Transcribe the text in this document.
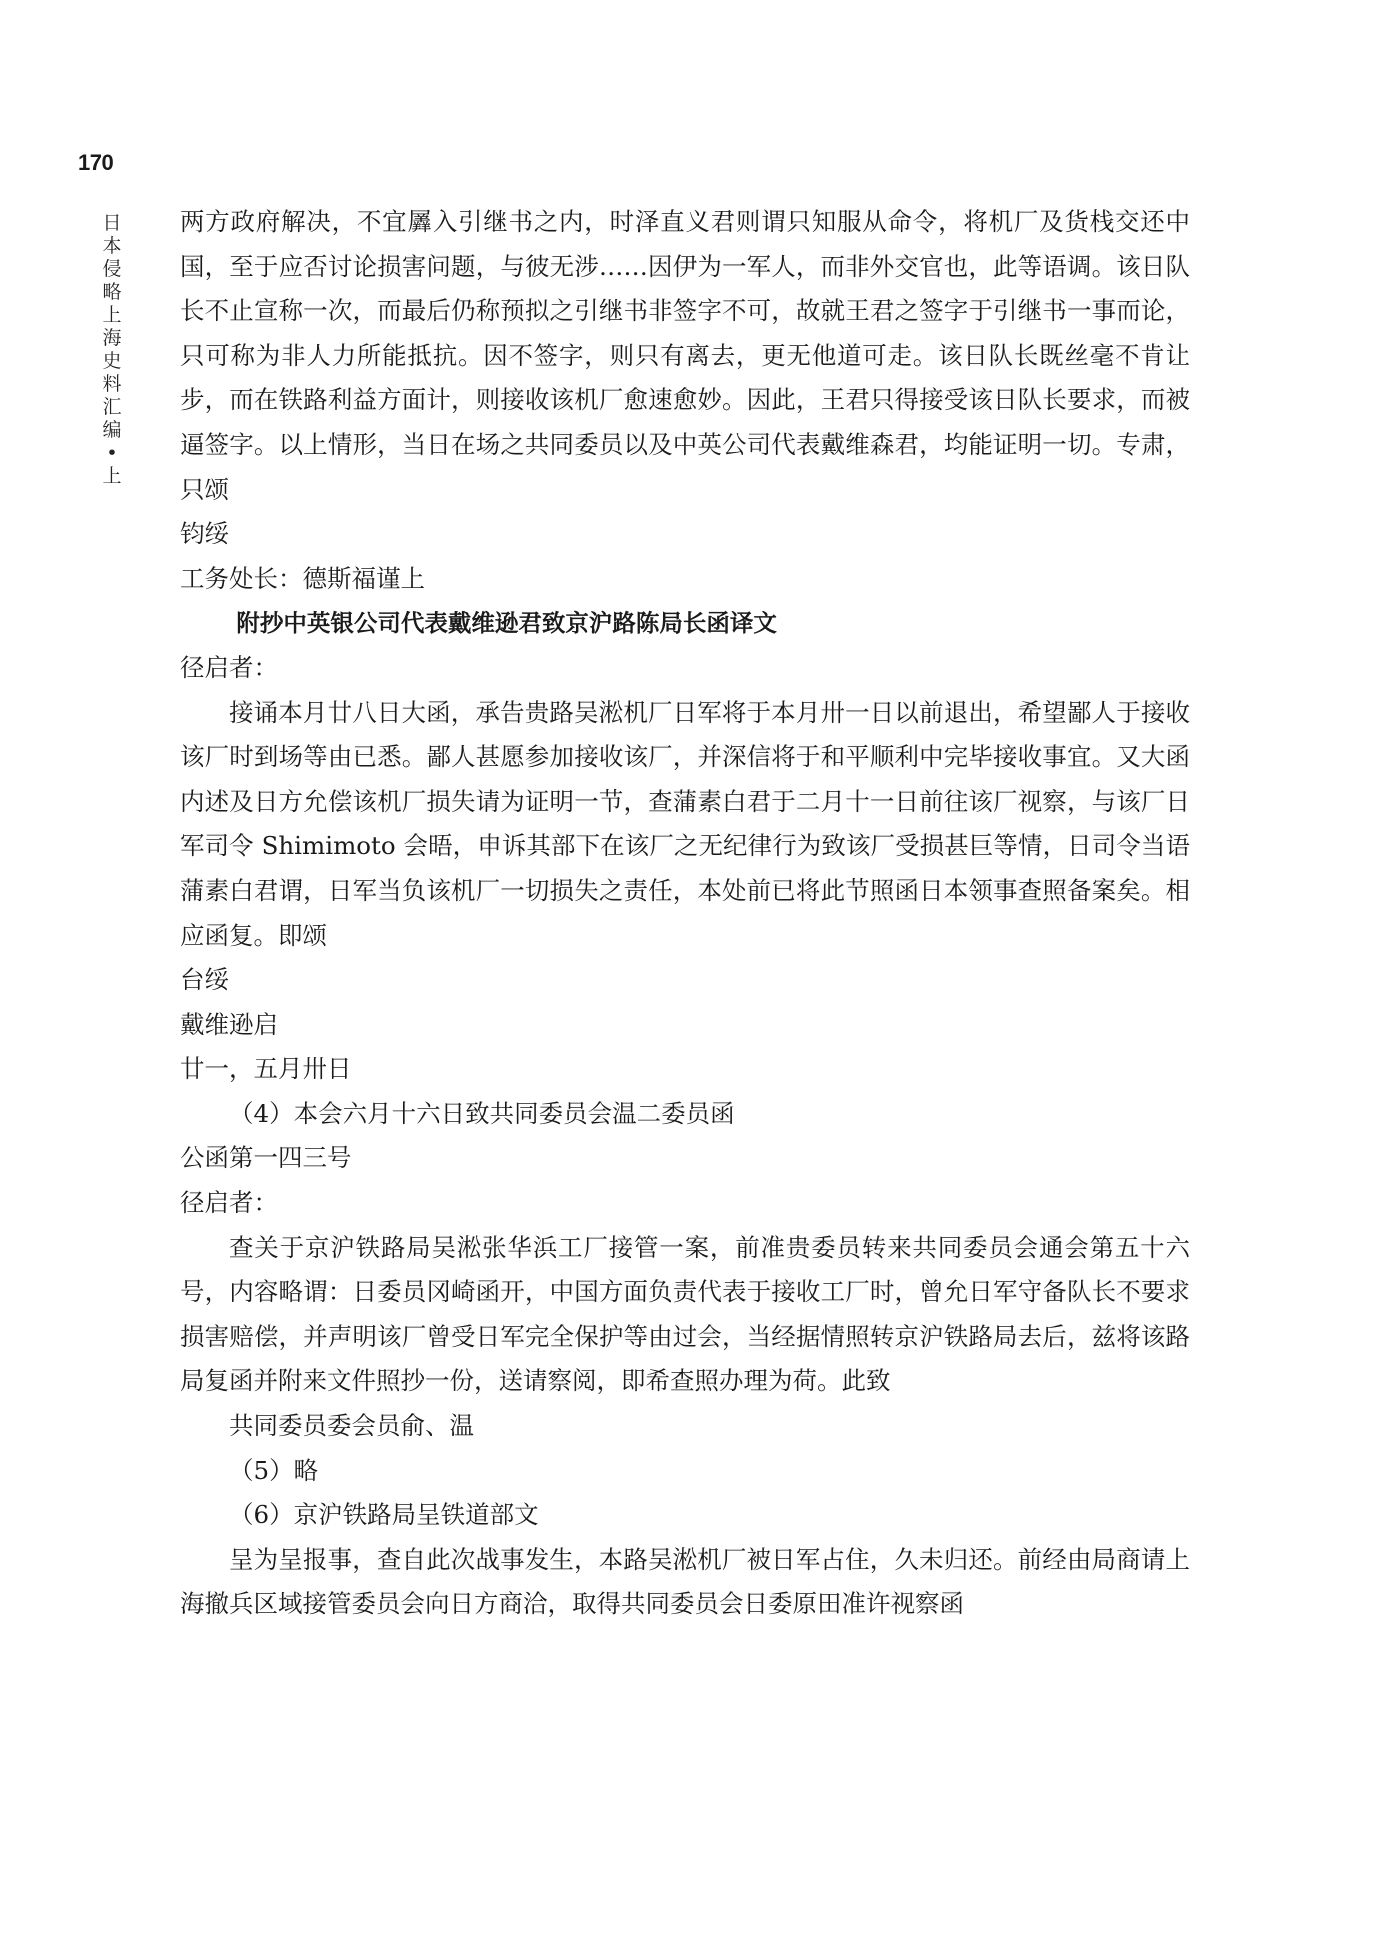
170
日
本
侵
略
上
海
史
料
汇
编
•
上

两方政府解决，不宜羼入引继书之内，时泽直义君则谓只知服从命令，将机厂及货栈交还中国，至于应否讨论损害问题，与彼无涉……因伊为一军人，而非外交官也，此等语调。该日队长不止宣称一次，而最后仍称预拟之引继书非签字不可，故就王君之签字于引继书一事而论，只可称为非人力所能抵抗。因不签字，则只有离去，更无他道可走。该日队长既丝毫不肯让步，而在铁路利益方面计，则接收该机厂愈速愈妙。因此，王君只得接受该日队长要求，而被逼签字。以上情形，当日在场之共同委员以及中英公司代表戴维森君，均能证明一切。专肃，只颂

钧绥

工务处长：德斯福谨上

附抄中英银公司代表戴维逊君致京沪路陈局长函译文

径启者：

接诵本月廿八日大函，承告贵路吴淞机厂日军将于本月卅一日以前退出，希望鄙人于接收该厂时到场等由已悉。鄙人甚愿参加接收该厂，并深信将于和平顺利中完毕接收事宜。又大函内述及日方允偿该机厂损失请为证明一节，查蒲素白君于二月十一日前往该厂视察，与该厂日军司令 Shimimoto 会晤，申诉其部下在该厂之无纪律行为致该厂受损甚巨等情，日司令当语蒲素白君谓，日军当负该机厂一切损失之责任，本处前已将此节照函日本领事查照备案矣。相应函复。即颂

台绥

戴维逊启

廿一，五月卅日

（4）本会六月十六日致共同委员会温二委员函

公函第一四三号

径启者：

查关于京沪铁路局吴淞张华浜工厂接管一案，前准贵委员转来共同委员会通会第五十六号，内容略谓：日委员冈崎函开，中国方面负责代表于接收工厂时，曾允日军守备队长不要求损害赔偿，并声明该厂曾受日军完全保护等由过会，当经据情照转京沪铁路局去后，兹将该路局复函并附来文件照抄一份，送请察阅，即希查照办理为荷。此致

共同委员委会员俞、温

（5）略

（6）京沪铁路局呈铁道部文

呈为呈报事，查自此次战事发生，本路吴淞机厂被日军占住，久未归还。前经由局商请上海撤兵区域接管委员会向日方商洽，取得共同委员会日委原田准许视察函
